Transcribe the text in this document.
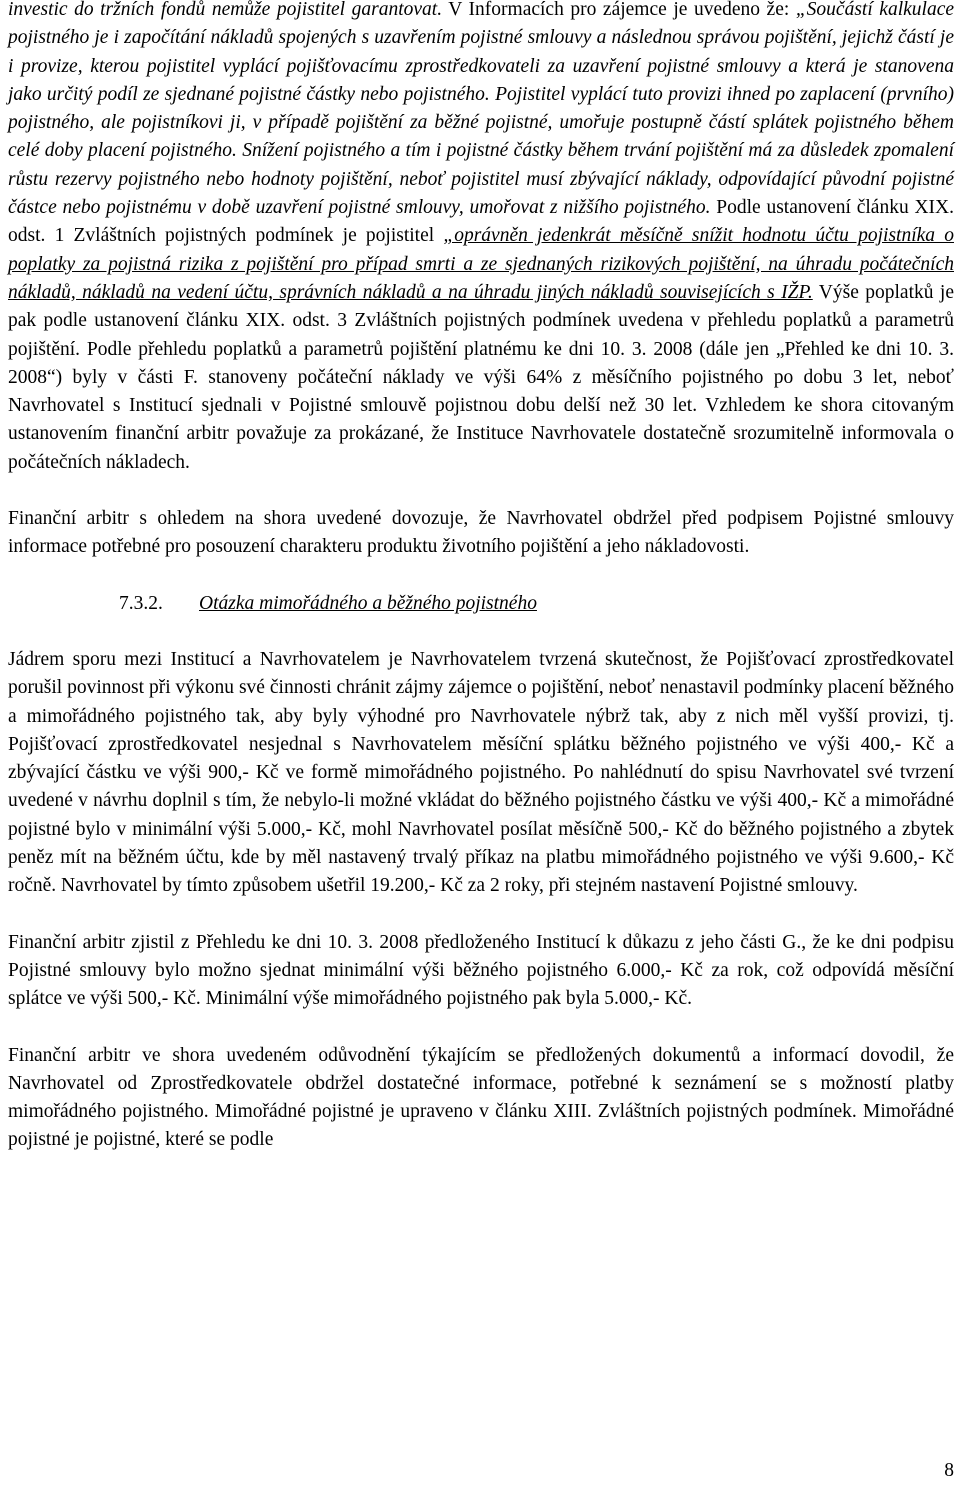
investic do tržních fondů nemůže pojistitel garantovat. V Informacích pro zájemce je uvedeno že: „Součástí kalkulace pojistného je i započítání nákladů spojených s uzavřením pojistné smlouvy a následnou správou pojištění, jejichž částí je i provize, kterou pojistitel vyplácí pojišťovacímu zprostředkovateli za uzavření pojistné smlouvy a která je stanovena jako určitý podíl ze sjednané pojistné částky nebo pojistného. Pojistitel vyplácí tuto provizi ihned po zaplacení (prvního) pojistného, ale pojistníkovi ji, v případě pojištění za běžné pojistné, umořuje postupně částí splátek pojistného během celé doby placení pojistného. Snížení pojistného a tím i pojistné částky během trvání pojištění má za důsledek zpomalení růstu rezervy pojistného nebo hodnoty pojištění, neboť pojistitel musí zbývající náklady, odpovídající původní pojistné částce nebo pojistnému v době uzavření pojistné smlouvy, umořovat z nižšího pojistného. Podle ustanovení článku XIX. odst. 1 Zvláštních pojistných podmínek je pojistitel „oprávněn jedenkrát měsíčně snížit hodnotu účtu pojistníka o poplatky za pojistná rizika z pojištění pro případ smrti a ze sjednaných rizikových pojištění, na úhradu počátečních nákladů, nákladů na vedení účtu, správních nákladů a na úhradu jiných nákladů souvisejících s IŽP. Výše poplatků je pak podle ustanovení článku XIX. odst. 3 Zvláštních pojistných podmínek uvedena v přehledu poplatků a parametrů pojištění. Podle přehledu poplatků a parametrů pojištění platnému ke dni 10. 3. 2008 (dále jen „Přehled ke dni 10. 3. 2008“) byly v části F. stanoveny počáteční náklady ve výši 64% z měsíčního pojistného po dobu 3 let, neboť Navrhovatel s Institucí sjednali v Pojistné smlouvě pojistnou dobu delší než 30 let. Vzhledem ke shora citovaným ustanovením finanční arbitr považuje za prokázané, že Instituce Navrhovatele dostatečně srozumitelně informovala o počátečních nákladech.

Finanční arbitr s ohledem na shora uvedené dovozuje, že Navrhovatel obdržel před podpisem Pojistné smlouvy informace potřebné pro posouzení charakteru produktu životního pojištění a jeho nákladovosti.

7.3.2. Otázka mimořádného a běžného pojistného

Jádrem sporu mezi Institucí a Navrhovatelem je Navrhovatelem tvrzená skutečnost, že Pojišťovací zprostředkovatel porušil povinnost při výkonu své činnosti chránit zájmy zájemce o pojištění, neboť nenastavil podmínky placení běžného a mimořádného pojistného tak, aby byly výhodné pro Navrhovatele nýbrž tak, aby z nich měl vyšší provizi, tj. Pojišťovací zprostředkovatel nesjednal s Navrhovatelem měsíční splátku běžného pojistného ve výši 400,- Kč a zbývající částku ve výši 900,- Kč ve formě mimořádného pojistného. Po nahlédnutí do spisu Navrhovatel své tvrzení uvedené v návrhu doplnil s tím, že nebylo-li možné vkládat do běžného pojistného částku ve výši 400,- Kč a mimořádné pojistné bylo v minimální výši 5.000,- Kč, mohl Navrhovatel posílat měsíčně 500,- Kč do běžného pojistného a zbytek peněz mít na běžném účtu, kde by měl nastavený trvalý příkaz na platbu mimořádného pojistného ve výši 9.600,- Kč ročně. Navrhovatel by tímto způsobem ušetřil 19.200,- Kč za 2 roky, při stejném nastavení Pojistné smlouvy.

Finanční arbitr zjistil z Přehledu ke dni 10. 3. 2008 předloženého Institucí k důkazu z jeho části G., že ke dni podpisu Pojistné smlouvy bylo možno sjednat minimální výši běžného pojistného 6.000,- Kč za rok, což odpovídá měsíční splátce ve výši 500,- Kč. Minimální výše mimořádného pojistného pak byla 5.000,- Kč.

Finanční arbitr ve shora uvedeném odůvodnění týkajícím se předložených dokumentů a informací dovodil, že Navrhovatel od Zprostředkovatele obdržel dostatečné informace, potřebné k seznámení se s možností platby mimořádného pojistného. Mimořádné pojistné je upraveno v článku XIII. Zvláštních pojistných podmínek. Mimořádné pojistné je pojistné, které se podle

8
